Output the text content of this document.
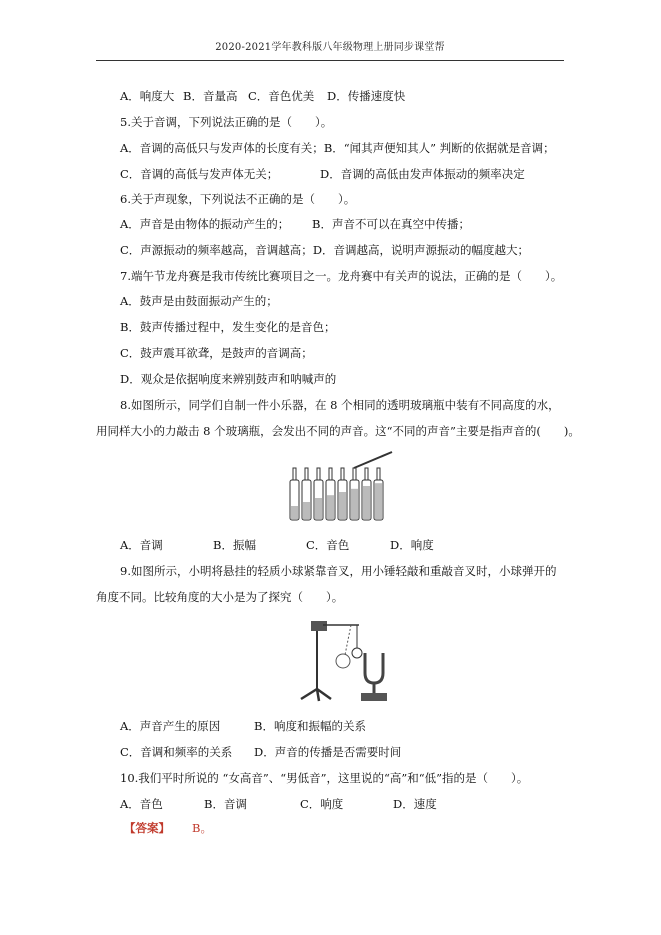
2020-2021学年教科版八年级物理上册同步课堂帮
A．响度大 B．音量高 C．音色优美	D．传播速度快
5.关于音调，下列说法正确的是（　　）。
A．音调的高低只与发声体的长度有关；B．“闻其声便知其人” 判断的依据就是音调；
C．音调的高低与发声体无关；	D．音调的高低由发声体振动的频率决定
6.关于声现象，下列说法不正确的是（　　）。
A．声音是由物体的振动产生的； B．声音不可以在真空中传播；
C．声源振动的频率越高，音调越高；D．音调越高，说明声源振动的幅度越大；
7.端午节龙舟赛是我市传统比赛项目之一。龙舟赛中有关声的说法，正确的是（　　）。
A．鼓声是由鼓面振动产生的；
B．鼓声传播过程中，发生变化的是音色；
C．鼓声震耳欲聋，是鼓声的音调高；
D．观众是依据响度来辨别鼓声和呐喊声的
8.如图所示，同学们自制一件小乐器，在 8 个相同的透明玻璃瓶中装有不同高度的水，
用同样大小的力敲击 8 个玻璃瓶，会发出不同的声音。这“不同的声音”主要是指声音的(　　)。
A．音调	B．振幅	C．音色	D．响度
9.如图所示，小明将悬挂的轻质小球紧靠音叉，用小锤轻敲和重敲音叉时，小球弹开的
角度不同。比较角度的大小是为了探究（　　）。
A．声音产生的原因	B．响度和振幅的关系
C．音调和频率的关系 D．声音的传播是否需要时间
10.我们平时所说的 “女高音”、“男低音”，这里说的“高”和“低”指的是（　　）。
A．音色	B．音调	C．响度	D．速度
【答案】 B。
